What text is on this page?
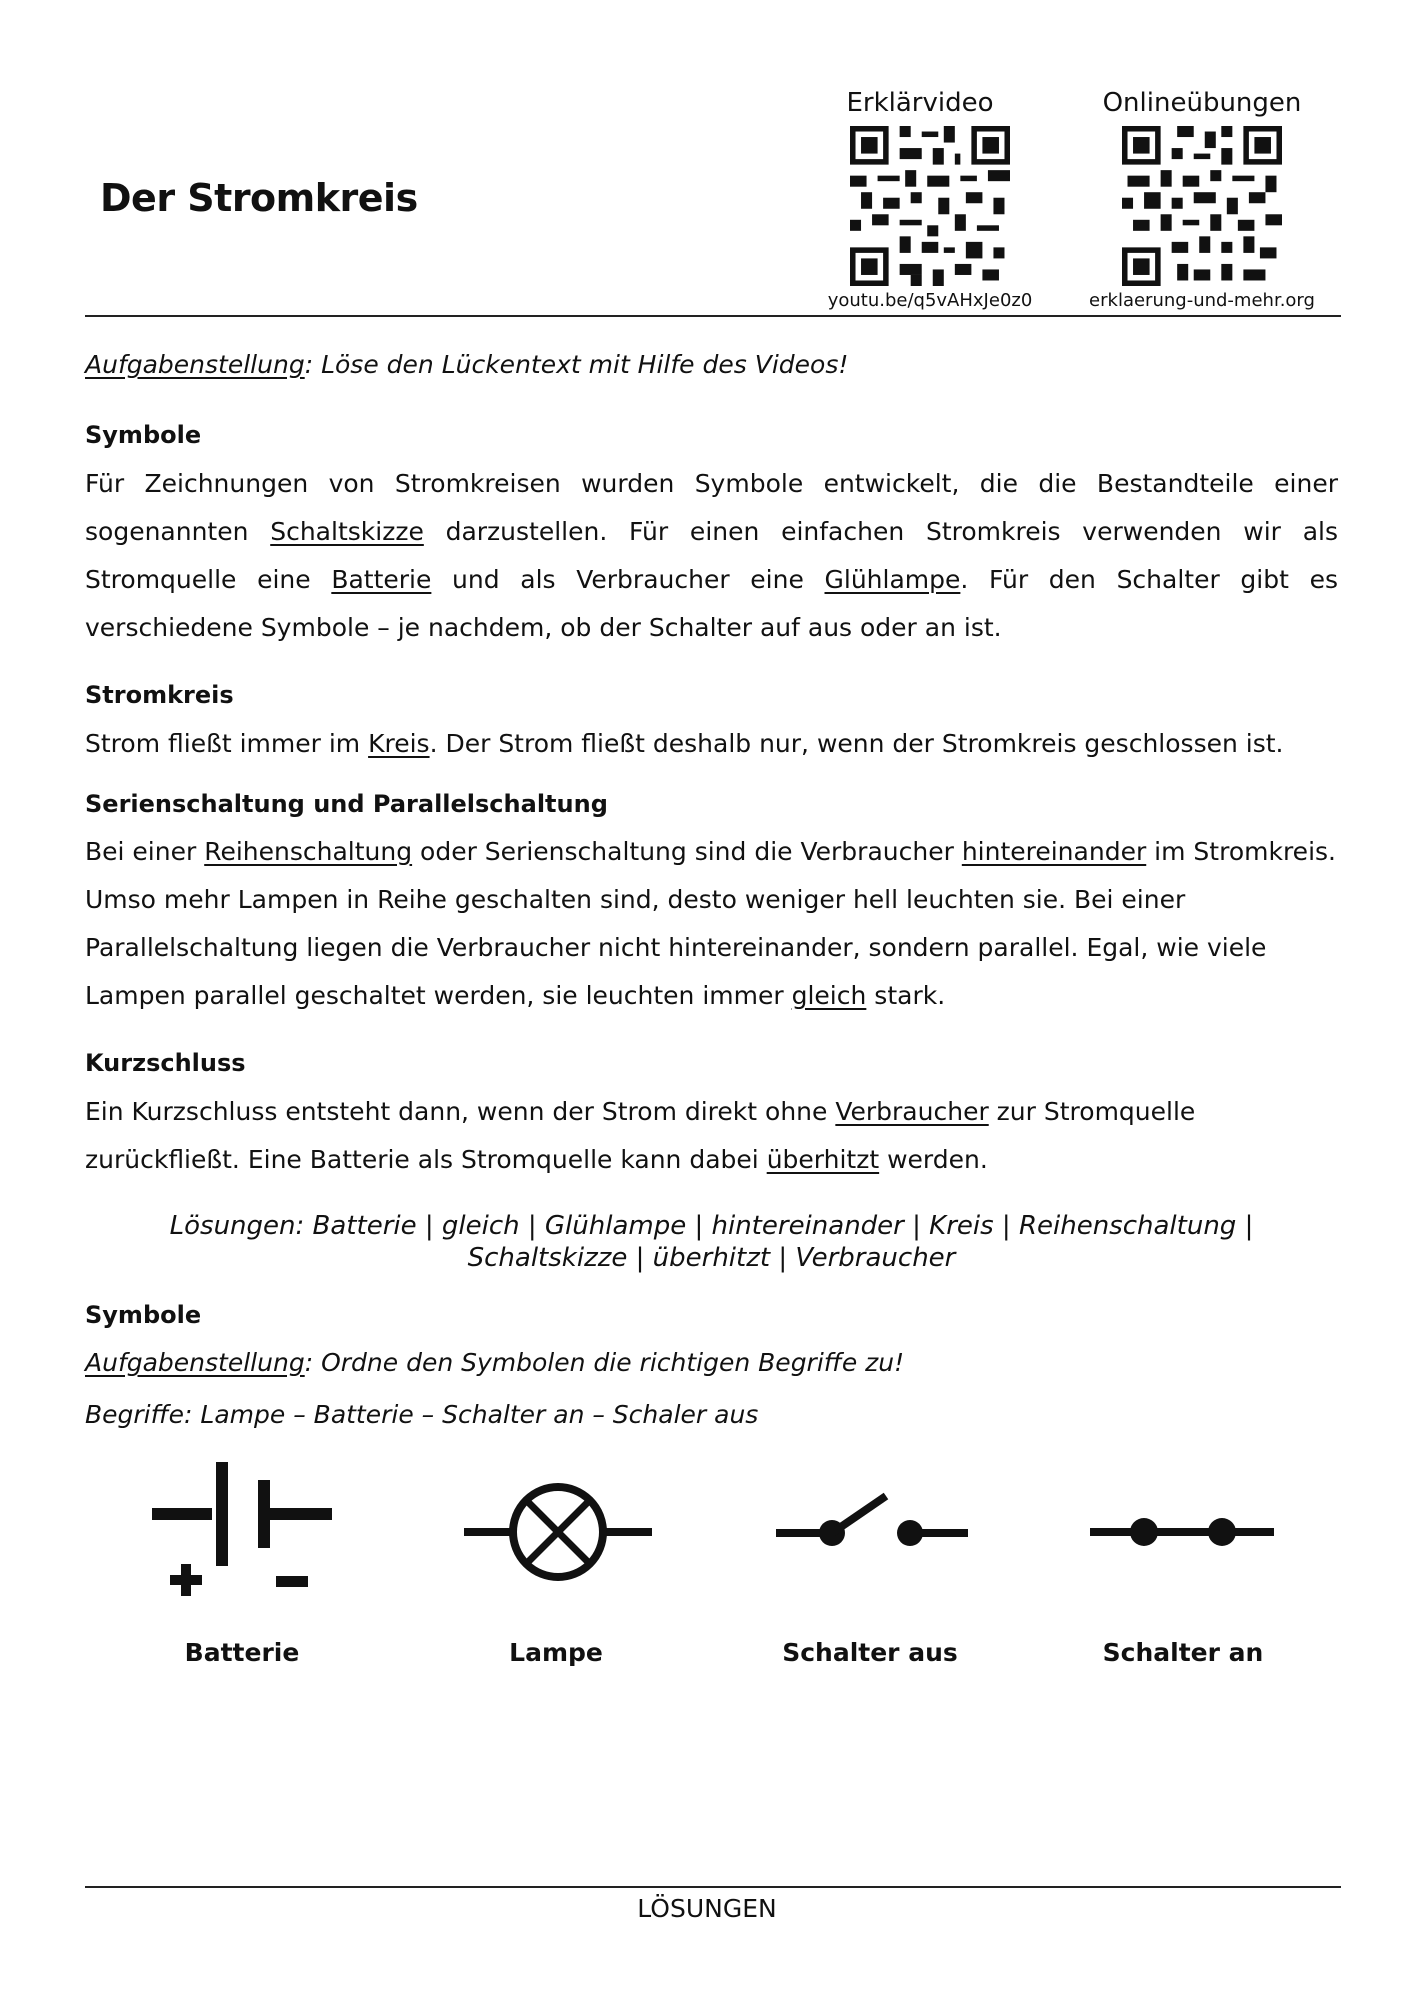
Der Stromkreis
Erklärvideo
youtu.be/q5vAHxJe0z0
Onlineübungen
erklaerung-und-mehr.org
Aufgabenstellung: Löse den Lückentext mit Hilfe des Videos!
Symbole
Für Zeichnungen von Stromkreisen wurden Symbole entwickelt, die die Bestandteile einer sogenannten Schaltskizze darzustellen. Für einen einfachen Stromkreis verwenden wir als Stromquelle eine Batterie und als Verbraucher eine Glühlampe. Für den Schalter gibt es verschiedene Symbole – je nachdem, ob der Schalter auf aus oder an ist.
Stromkreis
Strom fließt immer im Kreis. Der Strom fließt deshalb nur, wenn der Stromkreis geschlossen ist.
Serienschaltung und Parallelschaltung
Bei einer Reihenschaltung oder Serienschaltung sind die Verbraucher hintereinander im Stromkreis. Umso mehr Lampen in Reihe geschalten sind, desto weniger hell leuchten sie. Bei einer Parallelschaltung liegen die Verbraucher nicht hintereinander, sondern parallel. Egal, wie viele Lampen parallel geschaltet werden, sie leuchten immer gleich stark.
Kurzschluss
Ein Kurzschluss entsteht dann, wenn der Strom direkt ohne Verbraucher zur Stromquelle zurückfließt. Eine Batterie als Stromquelle kann dabei überhitzt werden.
Lösungen: Batterie | gleich | Glühlampe | hintereinander | Kreis | Reihenschaltung |
Schaltskizze | überhitzt | Verbraucher
Symbole
Aufgabenstellung: Ordne den Symbolen die richtigen Begriffe zu!
Begriffe: Lampe – Batterie – Schalter an – Schaler aus
Batterie	Lampe	Schalter aus	Schalter an
LÖSUNGEN
